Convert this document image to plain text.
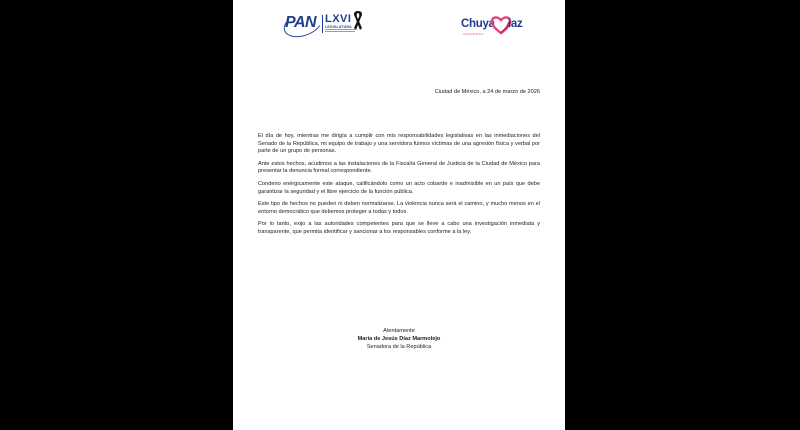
PAN LXVI
LEGISLATURA	Chuya iaz
SENADORA
Ciudad de México, a 24 de marzo de 2026

El día de hoy, mientras me dirigía a cumplir con mis responsabilidades legislativas en las inmediaciones del Senado de la República, mi equipo de trabajo y una servidora fuimos víctimas de una agresión física y verbal por parte de un grupo de personas.

Ante estos hechos, acudimos a las instalaciones de la Fiscalía General de Justicia de la Ciudad de México para presentar la denuncia formal correspondiente.

Condeno enérgicamente este ataque, calificándolo como un acto cobarde e inadmisible en un país que debe garantizar la seguridad y el libre ejercicio de la función pública.

Este tipo de hechos no pueden ni deben normalizarse. La violencia nunca será el camino, y mucho menos en el entorno democrático que debemos proteger a todas y todos.

Por lo tanto, exijo a las autoridades competentes para que se lleve a cabo una investigación inmediata y transparente, que permita identificar y sancionar a los responsables conforme a la ley.

Atentamente
María de Jesús Díaz Marmolejo
Senadora de la República
